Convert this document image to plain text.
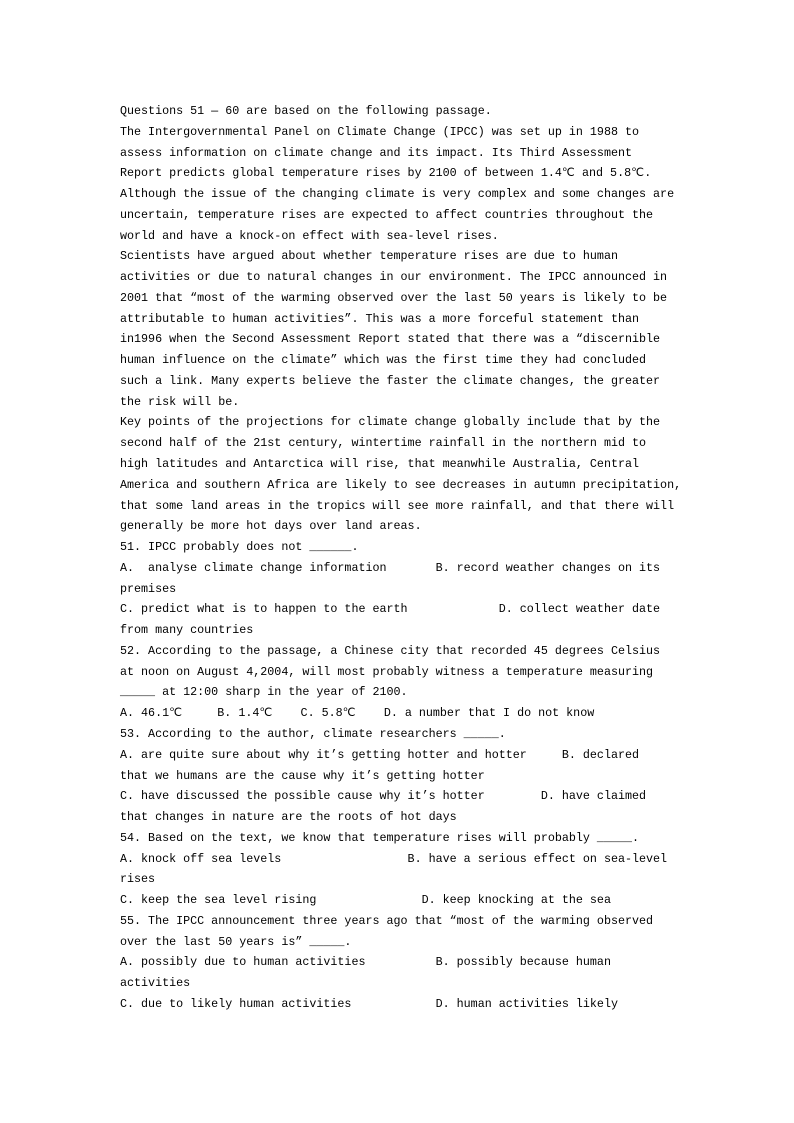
Questions 51 — 60 are based on the following passage.
The Intergovernmental Panel on Climate Change (IPCC) was set up in 1988 to
assess information on climate change and its impact. Its Third Assessment
Report predicts global temperature rises by 2100 of between 1.4℃ and 5.8℃.
Although the issue of the changing climate is very complex and some changes are
uncertain, temperature rises are expected to affect countries throughout the
world and have a knock-on effect with sea-level rises.
Scientists have argued about whether temperature rises are due to human
activities or due to natural changes in our environment. The IPCC announced in
2001 that “most of the warming observed over the last 50 years is likely to be
attributable to human activities”. This was a more forceful statement than
in1996 when the Second Assessment Report stated that there was a “discernible
human influence on the climate” which was the first time they had concluded
such a link. Many experts believe the faster the climate changes, the greater
the risk will be.
Key points of the projections for climate change globally include that by the
second half of the 21st century, wintertime rainfall in the northern mid to
high latitudes and Antarctica will rise, that meanwhile Australia, Central
America and southern Africa are likely to see decreases in autumn precipitation,
that some land areas in the tropics will see more rainfall, and that there will
generally be more hot days over land areas.
51. IPCC probably does not ______.
A.  analyse climate change information       B. record weather changes on its
premises
C. predict what is to happen to the earth             D. collect weather date
from many countries
52. According to the passage, a Chinese city that recorded 45 degrees Celsius
at noon on August 4,2004, will most probably witness a temperature measuring
_____ at 12:00 sharp in the year of 2100.
A. 46.1℃     B. 1.4℃    C. 5.8℃    D. a number that I do not know
53. According to the author, climate researchers _____.
A. are quite sure about why it’s getting hotter and hotter     B. declared
that we humans are the cause why it’s getting hotter
C. have discussed the possible cause why it’s hotter        D. have claimed
that changes in nature are the roots of hot days
54. Based on the text, we know that temperature rises will probably _____.
A. knock off sea levels                  B. have a serious effect on sea-level
rises
C. keep the sea level rising               D. keep knocking at the sea
55. The IPCC announcement three years ago that “most of the warming observed
over the last 50 years is” _____.
A. possibly due to human activities          B. possibly because human
activities
C. due to likely human activities            D. human activities likely
